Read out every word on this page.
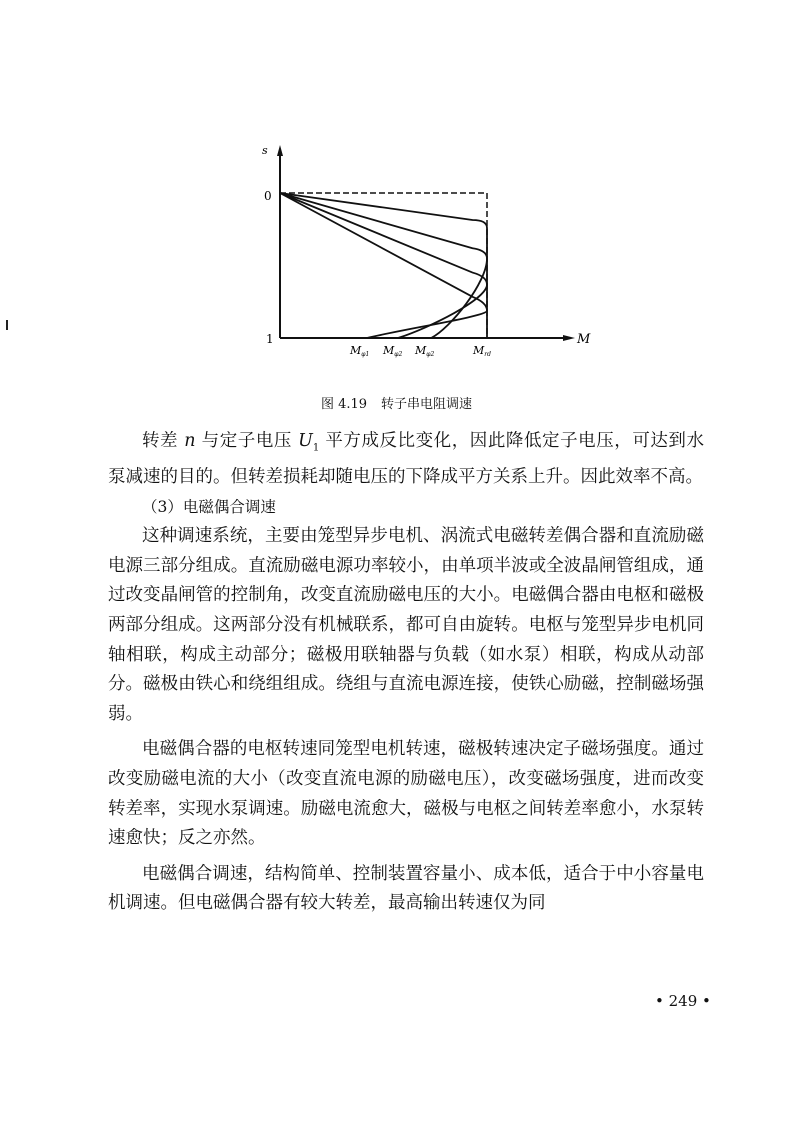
s
0
1	M
Mφ1 Mφ2 Mφ2	Mrd
图 4.19 转子串电阻调速

转差 n 与定子电压 $U_1$ 平方成反比变化，因此降低定子电压，可达到水泵减速的目的。但转差损耗却随电压的下降成平方关系上升。因此效率不高。

（3）电磁偶合调速

这种调速系统，主要由笼型异步电机、涡流式电磁转差偶合器和直流励磁电源三部分组成。直流励磁电源功率较小，由单项半波或全波晶闸管组成，通过改变晶闸管的控制角，改变直流励磁电压的大小。电磁偶合器由电枢和磁极两部分组成。这两部分没有机械联系，都可自由旋转。电枢与笼型异步电机同轴相联，构成主动部分；磁极用联轴器与负载（如水泵）相联，构成从动部分。磁极由铁心和绕组组成。绕组与直流电源连接，使铁心励磁，控制磁场强弱。

电磁偶合器的电枢转速同笼型电机转速，磁极转速决定子磁场强度。通过改变励磁电流的大小（改变直流电源的励磁电压），改变磁场强度，进而改变转差率，实现水泵调速。励磁电流愈大，磁极与电枢之间转差率愈小，水泵转速愈快；反之亦然。

电磁偶合调速，结构简单、控制装置容量小、成本低，适合于中小容量电机调速。但电磁偶合器有较大转差，最高输出转速仅为同

• 249 •
